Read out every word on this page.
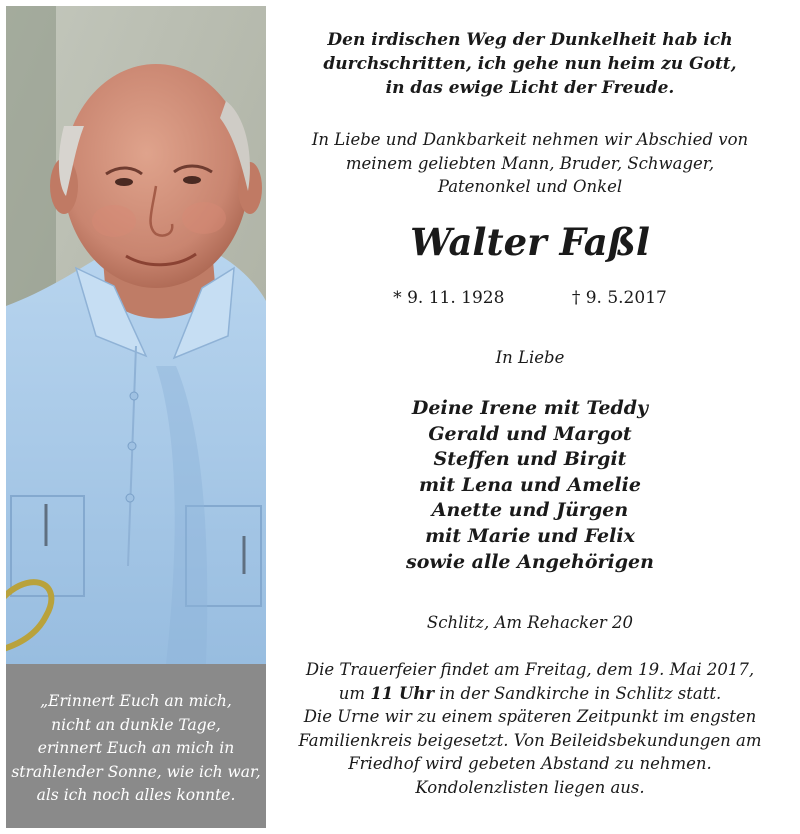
„Erinnert Euch an mich,
nicht an dunkle Tage,
erinnert Euch an mich in
strahlender Sonne, wie ich war,
als ich noch alles konnte.
Den irdischen Weg der Dunkelheit hab ich
durchschritten, ich gehe nun heim zu Gott,
in das ewige Licht der Freude.
In Liebe und Dankbarkeit nehmen wir Abschied von
meinem geliebten Mann, Bruder, Schwager,
Patenonkel und Onkel
Walter Faßl
* 9. 11. 1928	† 9. 5.2017
In Liebe
Deine Irene mit Teddy
Gerald und Margot
Steffen und Birgit
mit Lena und Amelie
Anette und Jürgen
mit Marie und Felix
sowie alle Angehörigen
Schlitz, Am Rehacker 20
Die Trauerfeier findet am Freitag, dem 19. Mai 2017,
um 11 Uhr in der Sandkirche in Schlitz statt.
Die Urne wir zu einem späteren Zeitpunkt im engsten
Familienkreis beigesetzt. Von Beileidsbekundungen am
Friedhof wird gebeten Abstand zu nehmen.
Kondolenzlisten liegen aus.
